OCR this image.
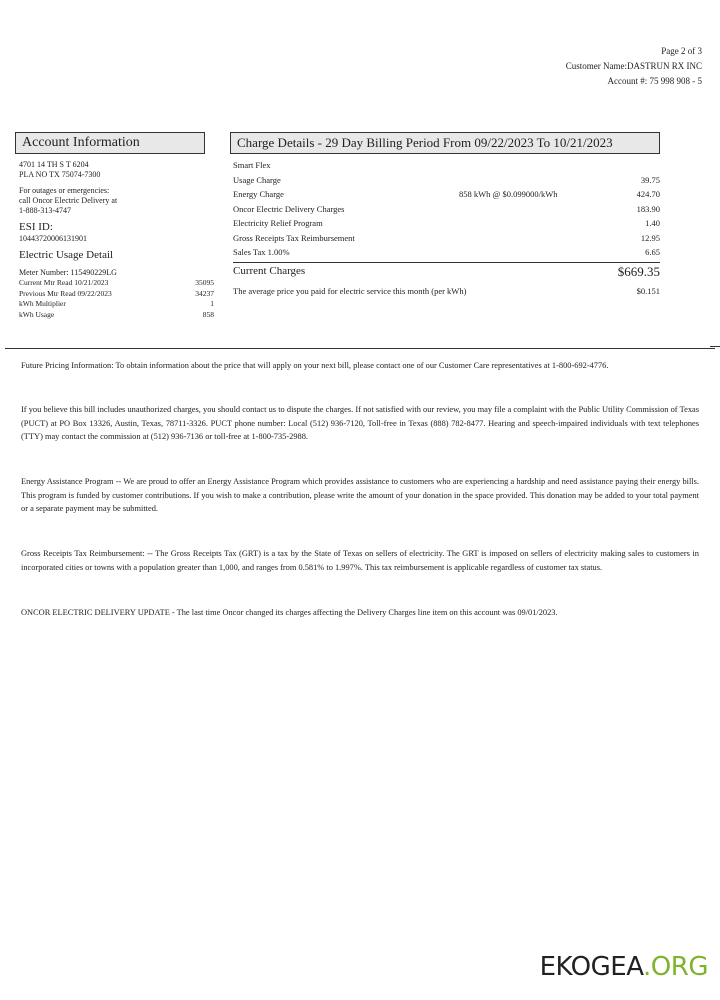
Page 2 of 3
Customer Name:DASTRUN RX INC
Account #: 75 998 908 - 5
Account Information	Charge Details - 29 Day Billing Period From 09/22/2023 To 10/21/2023
4701 14 TH S T 6204
PLA NO TX 75074-7300
For outages or emergencies:
call Oncor Electric Delivery at
1-888-313-4747
ESI ID:
10443720006131901
Electric Usage Detail
Meter Number: 115490229LG
Current Mtr Read 10/21/2023	35095
Previous Mtr Read 09/22/2023	34237
kWh Multiplier	1
kWh Usage	858
Smart Flex
Usage Charge	39.75
Energy Charge	858 kWh @ $0.099000/kWh	424.70
Oncor Electric Delivery Charges	183.90
Electricity Relief Program	1.40
Gross Receipts Tax Reimbursement	12.95
Sales Tax 1.00%	6.65
Current Charges	$669.35
The average price you paid for electric service this month (per kWh)	$0.151
Future Pricing Information: To obtain information about the price that will apply on your next bill, please contact one of our Customer Care representatives at 1-800-692-4776.
If you believe this bill includes unauthorized charges, you should contact us to dispute the charges. If not satisfied with our review, you may file a complaint with the Public Utility Commission of Texas (PUCT) at PO Box 13326, Austin, Texas, 78711-3326. PUCT phone number: Local (512) 936-7120, Toll-free in Texas (888) 782-8477. Hearing and speech-impaired individuals with text telephones (TTY) may contact the commission at (512) 936-7136 or toll-free at 1-800-735-2988.
Energy Assistance Program -- We are proud to offer an Energy Assistance Program which provides assistance to customers who are experiencing a hardship and need assistance paying their energy bills. This program is funded by customer contributions. If you wish to make a contribution, please write the amount of your donation in the space provided. This donation may be added to your total payment or a separate payment may be submitted.
Gross Receipts Tax Reimbursement: -- The Gross Receipts Tax (GRT) is a tax by the State of Texas on sellers of electricity. The GRT is imposed on sellers of electricity making sales to customers in incorporated cities or towns with a population greater than 1,000, and ranges from 0.581% to 1.997%. This tax reimbursement is applicable regardless of customer tax status.
ONCOR ELECTRIC DELIVERY UPDATE - The last time Oncor changed its charges affecting the Delivery Charges line item on this account was 09/01/2023.
EKOGEA.ORG
